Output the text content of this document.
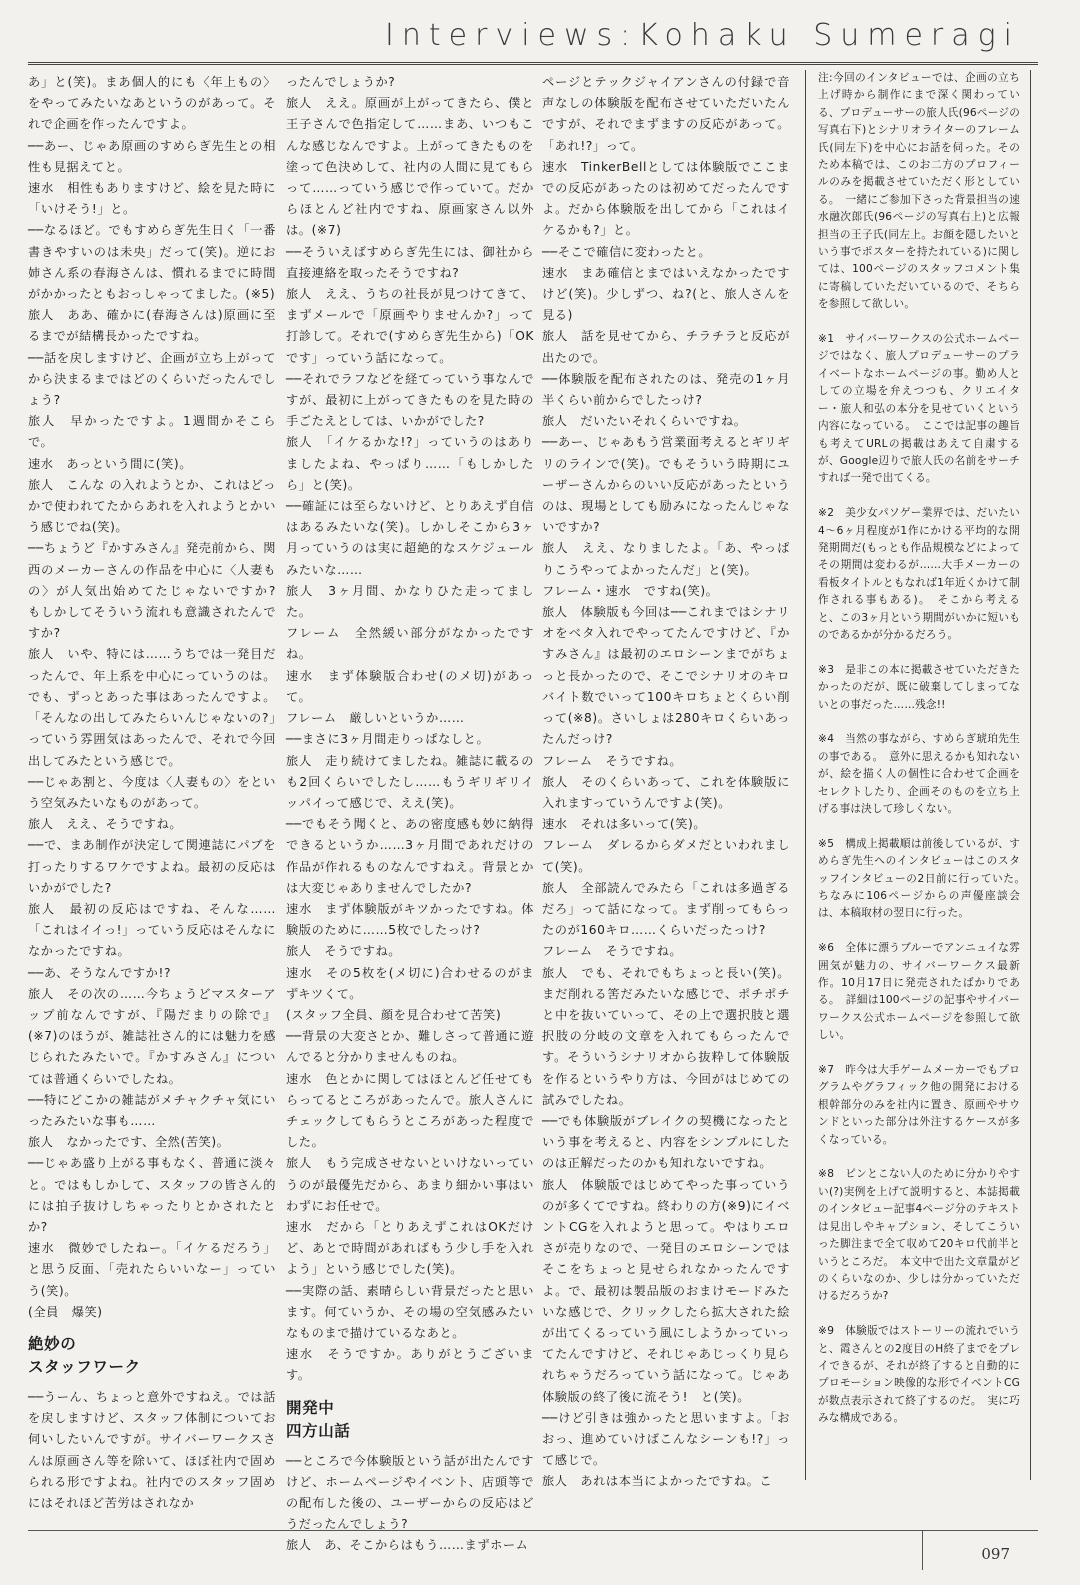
Interviews:Kohaku Sumeragi

あ」と(笑)。まあ個人的にも〈年上もの〉をやってみたいなあというのがあって。それで企画を作ったんですよ。

──あー、じゃあ原画のすめらぎ先生との相性も見据えてと。

速水　相性もありますけど、絵を見た時に「いけそう!」と。

──なるほど。でもすめらぎ先生日く「一番書きやすいのは未央」だって(笑)。逆にお姉さん系の春海さんは、慣れるまでに時間がかかったともおっしゃってました。(※5)

旅人　ああ、確かに(春海さんは)原画に至るまでが結構長かったですね。

──話を戻しますけど、企画が立ち上がってから決まるまではどのくらいだったんでしょう?

旅人　早かったですよ。1週間かそこらで。

速水　あっという間に(笑)。

旅人　こんな の入れようとか、これはどっかで使われてたからあれを入れようとかいう感じでね(笑)。

──ちょうど『かすみさん』発売前から、関西のメーカーさんの作品を中心に〈人妻もの〉が人気出始めてたじゃないですか?　もしかしてそういう流れも意識されたんですか?

旅人　いや、特には……うちでは一発目だったんで、年上系を中心にっていうのは。でも、ずっとあった事はあったんですよ。「そんなの出してみたらいんじゃないの?」っていう雰囲気はあったんで、それで今回出してみたという感じで。

──じゃあ割と、今度は〈人妻もの〉をという空気みたいなものがあって。

旅人　ええ、そうですね。

──で、まあ制作が決定して関連誌にパブを打ったりするワケですよね。最初の反応はいかがでした?

旅人　最初の反応はですね、そんな……「これはイイっ!」っていう反応はそんなになかったですね。

──あ、そうなんですか!?

旅人　その次の……今ちょうどマスターアップ前なんですが、『陽だまりの除で』(※7)のほうが、雑誌社さん的には魅力を感じられたみたいで。『かすみさん』については普通くらいでしたね。

──特にどこかの雑誌がメチャクチャ気にいったみたいな事も……

旅人　なかったです、全然(苦笑)。

──じゃあ盛り上がる事もなく、普通に淡々と。ではもしかして、スタッフの皆さん的には拍子抜けしちゃったりとかされたとか?

速水　微妙でしたねー。「イケるだろう」と思う反面、「売れたらいいなー」っていう(笑)。

(全員　爆笑)

絶妙の
スタッフワーク

──うーん、ちょっと意外ですねえ。では話を戻しますけど、スタッフ体制についてお伺いしたいんですが。サイバーワークスさんは原画さん等を除いて、ほぼ社内で固められる形ですよね。社内でのスタッフ固めにはそれほど苦労はされなか

ったんでしょうか?

旅人　ええ。原画が上がってきたら、僕と王子さんで色指定して……まあ、いつもこんな感じなんですよ。上がってきたものを塗って色決めして、社内の人間に見てもらって……っていう感じで作っていて。だからほとんど社内ですね、原画家さん以外は。(※7)

──そういえばすめらぎ先生には、御社から直接連絡を取ったそうですね?

旅人　ええ、うちの社長が見つけてきて、まずメールで「原画やりませんか?」って打診して。それで(すめらぎ先生から)「OKです」っていう話になって。

──それでラフなどを経てっていう事なんですが、最初に上がってきたものを見た時の手ごたえとしては、いかがでした?

旅人　「イケるかな!?」っていうのはありましたよね、やっぱり……「もしかしたら」と(笑)。

──確証には至らないけど、とりあえず自信はあるみたいな(笑)。しかしそこから3ヶ月っていうのは実に超絶的なスケジュールみたいな……

旅人　3ヶ月間、かなりひた走ってました。

フレーム　全然緩い部分がなかったですね。

速水　まず体験版合わせ(のメ切)があって。

フレーム　厳しいというか……

──まさに3ヶ月間走りっぱなしと。

旅人　走り続けてましたね。雑誌に載るのも2回くらいでしたし……もうギリギリイッパイって感じで、ええ(笑)。

──でもそう聞くと、あの密度感も妙に納得できるというか……3ヶ月間であれだけの作品が作れるものなんですねえ。背景とかは大変じゃありませんでしたか?

速水　まず体験版がキツかったですね。体験版のために……5枚でしたっけ?

旅人　そうですね。

速水　その5枚を(メ切に)合わせるのがまずキツくて。

(スタッフ全員、顔を見合わせて苦笑)

──背景の大変さとか、難しさって普通に遊んでると分かりませんものね。

速水　色とかに関してはほとんど任せてもらってるところがあったんで。旅人さんにチェックしてもらうところがあった程度でした。

旅人　もう完成させないといけないっていうのが最優先だから、あまり細かい事はいわずにお任せで。

速水　だから「とりあえずこれはOKだけど、あとで時間があればもう少し手を入れよう」という感じでした(笑)。

──実際の話、素晴らしい背景だったと思います。何ていうか、その場の空気感みたいなものまで描けているなあと。

速水　そうですか。ありがとうございます。

開発中
四方山話

──ところで今体験版という話が出たんですけど、ホームページやイベント、店頭等での配布した後の、ユーザーからの反応はどうだったんでしょう?

旅人　あ、そこからはもう……まずホーム

ページとテックジャイアンさんの付録で音声なしの体験版を配布させていただいたんですが、それでまずますの反応があって。「あれ!?」って。

速水　TinkerBellとしては体験版でここまでの反応があったのは初めてだったんですよ。だから体験版を出してから「これはイケるかも?」と。

──そこで確信に変わったと。

速水　まあ確信とまではいえなかったですけど(笑)。少しずつ、ね?(と、旅人さんを見る)

旅人　話を見せてから、チラチラと反応が出たので。

──体験版を配布されたのは、発売の1ヶ月半くらい前からでしたっけ?

旅人　だいたいそれくらいですね。

──あー、じゃあもう営業面考えるとギリギリのラインで(笑)。でもそういう時期にユーザーさんからのいい反応があったというのは、現場としても励みになったんじゃないですか?

旅人　ええ、なりましたよ。「あ、やっぱりこうやってよかったんだ」と(笑)。

フレーム・速水　ですね(笑)。

旅人　体験版も今回は──これまではシナリオをベタ入れでやってたんですけど、『かすみさん』は最初のエロシーンまでがちょっと長かったので、そこでシナリオのキロバイト数でいって100キロちょとくらい削って(※8)。さいしょは280キロくらいあったんだっけ?

フレーム　そうですね。

旅人　そのくらいあって、これを体験版に入れますっていうんですよ(笑)。

速水　それは多いって(笑)。

フレーム　ダレるからダメだといわれまして(笑)。

旅人　全部読んでみたら「これは多過ぎるだろ」って話になって。まず削ってもらったのが160キロ……くらいだったっけ?

フレーム　そうですね。

旅人　でも、それでもちょっと長い(笑)。まだ削れる筈だみたいな感じで、ポチポチと中を抜いていって、その上で選択肢と選択肢の分岐の文章を入れてもらったんです。そういうシナリオから抜粋して体験版を作るというやり方は、今回がはじめての試みでしたね。

──でも体験版がブレイクの契機になったという事を考えると、内容をシンプルにしたのは正解だったのかも知れないですね。

旅人　体験版ではじめてやった事っていうのが多くてですね。終わりの方(※9)にイベントCGを入れようと思って。やはりエロさが売りなので、一発目のエロシーンではそこをちょっと見せられなかったんですよ。で、最初は製品版のおまけモードみたいな感じで、クリックしたら拡大された絵が出てくるっていう風にしようかっていってたんですけど、それじゃあじっくり見られちゃうだろっていう話になって。じゃあ体験版の終了後に流そう!　と(笑)。

──けど引きは強かったと思いますよ。「おおっ、進めていけばこんなシーンも!?」って感じで。

旅人　あれは本当によかったですね。こ

注:今回のインタビューでは、企画の立ち上げ時から制作にまで深く関わっている、プロデューサーの旅人氏(96ページの写真右下)とシナリオライターのフレーム氏(同左下)を中心にお話を伺った。そのため本稿では、このお二方のプロフィールのみを掲載させていただく形としている。　一緒にご参加下さった背景担当の速水融次郎氏(96ページの写真右上)と広報担当の王子氏(同左上。お顔を隠したいという事でポスターを持たれている)に関しては、100ページのスタッフコメント集に寄稿していただいているので、そちらを参照して欲しい。

※1　サイバーワークスの公式ホームページではなく、旅人プロデューサーのプライベートなホームページの事。勤め人としての立場を弁えつつも、クリエイター・旅人和弘の本分を見せていくという内容になっている。　ここでは記事の趣旨も考えてURLの掲載はあえて自粛するが、Google辺りで旅人氏の名前をサーチすれば一発で出てくる。

※2　美少女パソゲー業界では、だいたい4〜6ヶ月程度が1作にかける平均的な開発期間だ(もっとも作品規模などによってその期間は変わるが……大手メーカーの看板タイトルともなれば1年近くかけて制作される事もある)。　そこから考えると、この3ヶ月という期間がいかに短いものであるかが分かるだろう。

※3　是非この本に掲載させていただきたかったのだが、既に破棄してしまってないとの事だった……残念!!

※4　当然の事ながら、すめらぎ琥珀先生の事である。　意外に思えるかも知れないが、絵を描く人の個性に合わせて企画をセレクトしたり、企画そのものを立ち上げる事は決して珍しくない。

※5　構成上掲載順は前後しているが、すめらぎ先生へのインタビューはこのスタッフインタビューの2日前に行っていた。　ちなみに106ページからの声優座談会は、本稿取材の翌日に行った。

※6　全体に漂うブルーでアンニュイな雰囲気が魅力の、サイバーワークス最新作。10月17日に発売されたばかりである。　詳細は100ページの記事やサイバーワークス公式ホームページを参照して欲しい。

※7　昨今は大手ゲームメーカーでもプログラムやグラフィック他の開発における根幹部分のみを社内に置き、原画やサウンドといった部分は外注するケースが多くなっている。

※8　ピンとこない人のために分かりやすい(?)実例を上げて説明すると、本誌掲載のインタビュー記事4ページ分のテキストは見出しやキャプション、そしてこういった脚注まで全て収めて20キロ代前半というところだ。　本文中で出た文章量がどのくらいなのか、少しは分かっていただけるだろうか?

※9　体験版ではストーリーの流れでいうと、霞さんとの2度目のH終了までをプレイできるが、それが終了すると自動的にプロモーション映像的な形でイベントCGが数点表示されて終了するのだ。　実に巧みな構成である。

097
